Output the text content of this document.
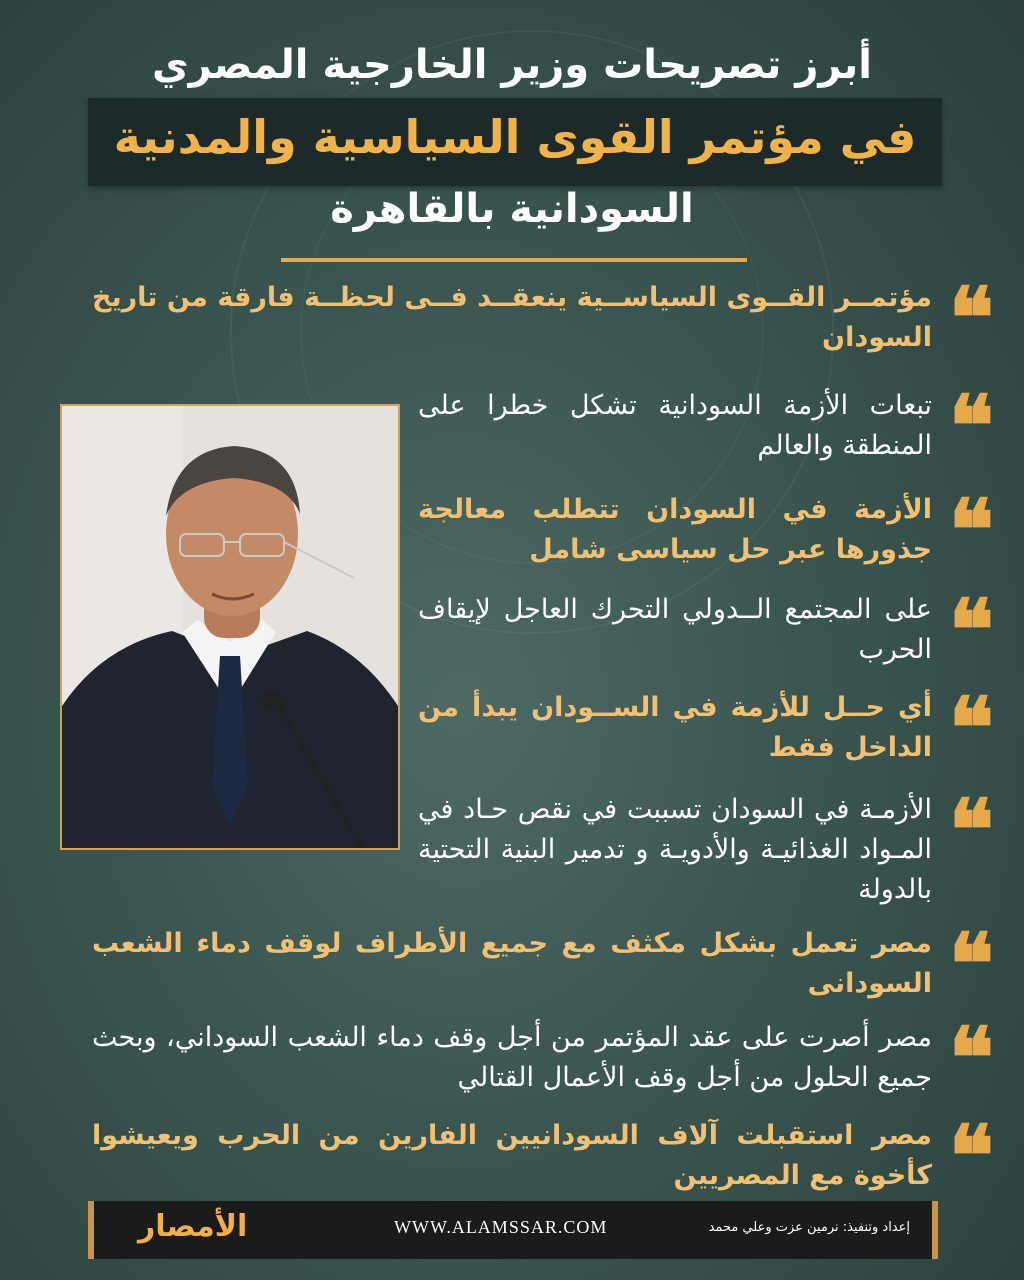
أبرز تصريحات وزير الخارجية المصري
في مؤتمر القوى السياسية والمدنية
السودانية بالقاهرة
❝
مؤتمــر القــوى السياســية ينعقــد فــى لحظــة فارقة من تاريخ السودان
❝
تبعات الأزمة السودانية تشكل خطرا على المنطقة والعالم
❝
الأزمة في السودان تتطلب معالجة جذورها عبر حل سياسى شامل
❝
على المجتمع الــدولي التحرك العاجل لإيقاف الحرب
❝
أي حــل للأزمة في الســودان يبدأ من الداخل فقط
❝
الأزمـة في السودان تسببت في نقص حـاد في المـواد الغذائيـة والأدويـة و تدمير البنية التحتية بالدولة
❝
مصر تعمل بشكل مكثف مع جميع الأطراف لوقف دماء الشعب السودانى
❝
مصر أصرت على عقد المؤتمر من أجل وقف دماء الشعب السوداني، وبحث جميع الحلول من أجل وقف الأعمال القتالي
❝
مصر استقبلت آلاف السودانيين الفارين من الحرب ويعيشوا كأخوة مع المصريين
الأمصار	WWW.ALAMSSAR.COM	إعداد وتنفيذ: نرمين عزت وعلي محمد
